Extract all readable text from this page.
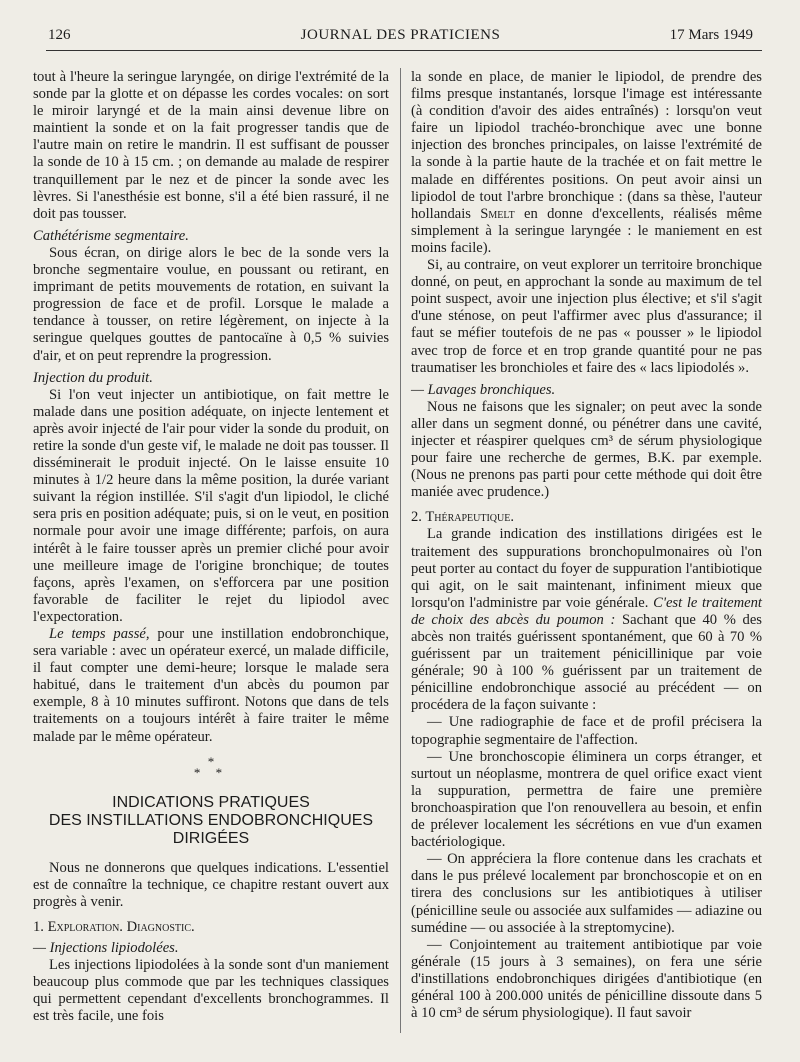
126	JOURNAL DES PRATICIENS	17 Mars 1949

tout à l'heure la seringue laryngée, on dirige l'extrémité de la sonde par la glotte et on dépasse les cordes vocales: on sort le miroir laryngé et de la main ainsi devenue libre on maintient la sonde et on la fait progresser tandis que de l'autre main on retire le mandrin. Il est suffisant de pousser la sonde de 10 à 15 cm. ; on demande au malade de respirer tranquillement par le nez et de pincer la sonde avec les lèvres. Si l'anesthésie est bonne, s'il a été bien rassuré, il ne doit pas tousser.

Cathétérisme segmentaire.

Sous écran, on dirige alors le bec de la sonde vers la bronche segmentaire voulue, en poussant ou retirant, en imprimant de petits mouvements de rotation, en suivant la progression de face et de profil. Lorsque le malade a tendance à tousser, on retire légèrement, on injecte à la seringue quelques gouttes de pantocaïne à 0,5 % suivies d'air, et on peut reprendre la progression.

Injection du produit.

Si l'on veut injecter un antibiotique, on fait mettre le malade dans une position adéquate, on injecte lentement et après avoir injecté de l'air pour vider la sonde du produit, on retire la sonde d'un geste vif, le malade ne doit pas tousser. Il disséminerait le produit injecté. On le laisse ensuite 10 minutes à 1/2 heure dans la même position, la durée variant suivant la région instillée. S'il s'agit d'un lipiodol, le cliché sera pris en position adéquate; puis, si on le veut, en position normale pour avoir une image différente; parfois, on aura intérêt à le faire tousser après un premier cliché pour avoir une meilleure image de l'origine bronchique; de toutes façons, après l'examen, on s'efforcera par une position favorable de faciliter le rejet du lipiodol avec l'expectoration.

Le temps passé, pour une instillation endobronchique, sera variable : avec un opérateur exercé, un malade difficile, il faut compter une demi-heure; lorsque le malade sera habitué, dans le traitement d'un abcès du poumon par exemple, 8 à 10 minutes suffiront. Notons que dans de tels traitements on a toujours intérêt à faire traiter le même malade par le même opérateur.

*
* *
INDICATIONS PRATIQUES
DES INSTILLATIONS ENDOBRONCHIQUES
DIRIGÉES

Nous ne donnerons que quelques indications. L'essentiel est de connaître la technique, ce chapitre restant ouvert aux progrès à venir.

1. Exploration. Diagnostic.

— Injections lipiodolées.

Les injections lipiodolées à la sonde sont d'un maniement beaucoup plus commode que par les techniques classiques qui permettent cependant d'excellents bronchogrammes. Il est très facile, une fois

la sonde en place, de manier le lipiodol, de prendre des films presque instantanés, lorsque l'image est intéressante (à condition d'avoir des aides entraînés) : lorsqu'on veut faire un lipiodol trachéo-bronchique avec une bonne injection des bronches principales, on laisse l'extrémité de la sonde à la partie haute de la trachée et on fait mettre le malade en différentes positions. On peut avoir ainsi un lipiodol de tout l'arbre bronchique : (dans sa thèse, l'auteur hollandais Smelt en donne d'excellents, réalisés même simplement à la seringue laryngée : le maniement en est moins facile).

Si, au contraire, on veut explorer un territoire bronchique donné, on peut, en approchant la sonde au maximum de tel point suspect, avoir une injection plus élective; et s'il s'agit d'une sténose, on peut l'affirmer avec plus d'assurance; il faut se méfier toutefois de ne pas « pousser » le lipiodol avec trop de force et en trop grande quantité pour ne pas traumatiser les bronchioles et faire des « lacs lipiodolés ».

— Lavages bronchiques.

Nous ne faisons que les signaler; on peut avec la sonde aller dans un segment donné, ou pénétrer dans une cavité, injecter et réaspirer quelques cm³ de sérum physiologique pour faire une recherche de germes, B.K. par exemple. (Nous ne prenons pas parti pour cette méthode qui doit être maniée avec prudence.)

2. Thérapeutique.

La grande indication des instillations dirigées est le traitement des suppurations bronchopulmonaires où l'on peut porter au contact du foyer de suppuration l'antibiotique qui agit, on le sait maintenant, infiniment mieux que lorsqu'on l'administre par voie générale. C'est le traitement de choix des abcès du poumon : Sachant que 40 % des abcès non traités guérissent spontanément, que 60 à 70 % guérissent par un traitement pénicillinique par voie générale; 90 à 100 % guérissent par un traitement de pénicilline endobronchique associé au précédent — on procédera de la façon suivante :

— Une radiographie de face et de profil précisera la topographie segmentaire de l'affection.

— Une bronchoscopie éliminera un corps étranger, et surtout un néoplasme, montrera de quel orifice exact vient la suppuration, permettra de faire une première bronchoaspiration que l'on renouvellera au besoin, et enfin de prélever localement les sécrétions en vue d'un examen bactériologique.

— On appréciera la flore contenue dans les crachats et dans le pus prélevé localement par bronchoscopie et on en tirera des conclusions sur les antibiotiques à utiliser (pénicilline seule ou associée aux sulfamides — adiazine ou sumédine — ou associée à la streptomycine).

— Conjointement au traitement antibiotique par voie générale (15 jours à 3 semaines), on fera une série d'instillations endobronchiques dirigées d'antibiotique (en général 100 à 200.000 unités de pénicilline dissoute dans 5 à 10 cm³ de sérum physiologique). Il faut savoir
